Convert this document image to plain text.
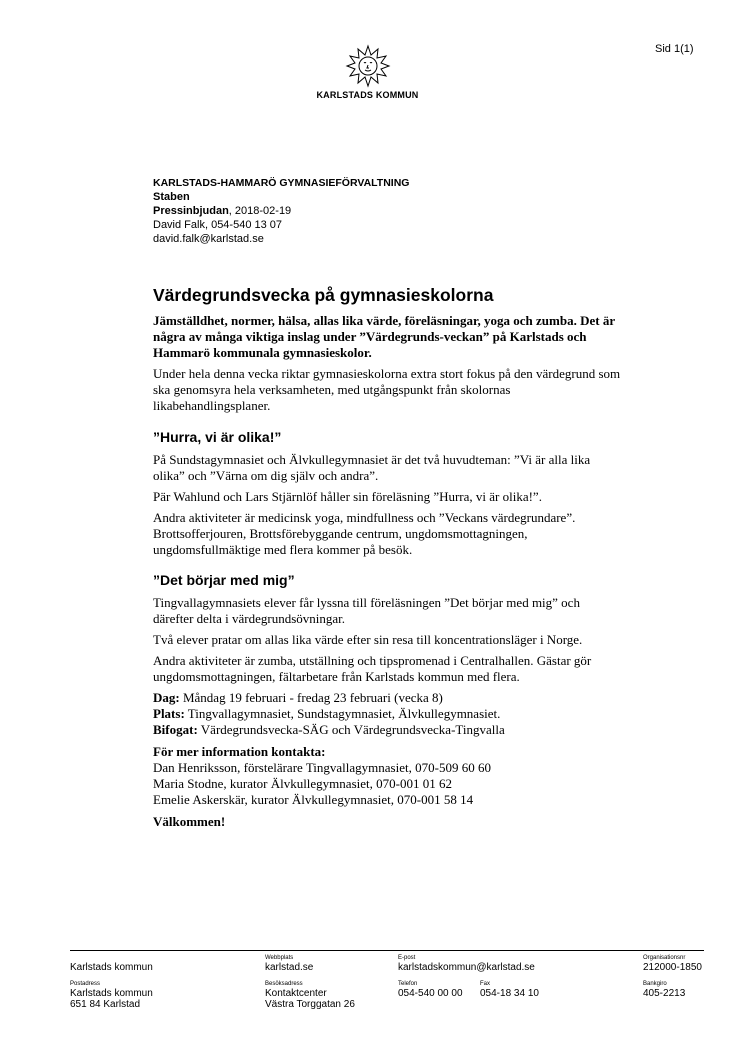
Sid 1(1)
KARLSTADS KOMMUN
KARLSTADS-HAMMARÖ GYMNASIEFÖRVALTNING
Staben
Pressinbjudan, 2018-02-19
David Falk, 054-540 13 07
david.falk@karlstad.se
Värdegrundsvecka på gymnasieskolorna
Jämställdhet, normer, hälsa, allas lika värde, föreläsningar, yoga och zumba. Det är några av många viktiga inslag under ”Värdegrunds-veckan” på Karlstads och Hammarö kommunala gymnasieskolor.
Under hela denna vecka riktar gymnasieskolorna extra stort fokus på den värdegrund som ska genomsyra hela verksamheten, med utgångspunkt från skolornas likabehandlingsplaner.
”Hurra, vi är olika!”
På Sundstagymnasiet och Älvkullegymnasiet är det två huvudteman: ”Vi är alla lika olika” och ”Värna om dig själv och andra”.
Pär Wahlund och Lars Stjärnlöf håller sin föreläsning ”Hurra, vi är olika!”.
Andra aktiviteter är medicinsk yoga, mindfullness och ”Veckans värdegrundare”. Brottsofferjouren, Brottsförebyggande centrum, ungdomsmottagningen, ungdomsfullmäktige med flera kommer på besök.
”Det börjar med mig”
Tingvallagymnasiets elever får lyssna till föreläsningen ”Det börjar med mig” och därefter delta i värdegrundsövningar.
Två elever pratar om allas lika värde efter sin resa till koncentrationsläger i Norge.
Andra aktiviteter är zumba, utställning och tipspromenad i Centralhallen. Gästar gör ungdomsmottagningen, fältarbetare från Karlstads kommun med flera.
Dag: Måndag 19 februari - fredag 23 februari (vecka 8)
Plats: Tingvallagymnasiet, Sundstagymnasiet, Älvkullegymnasiet.
Bifogat: Värdegrundsvecka-SÄG och Värdegrundsvecka-Tingvalla
För mer information kontakta:
Dan Henriksson, förstelärare Tingvallagymnasiet, 070-509 60 60
Maria Stodne, kurator Älvkullegymnasiet, 070-001 01 62
Emelie Askerskär, kurator Älvkullegymnasiet, 070-001 58 14
Välkommen!
Karlstads kommun
Webbplats
karlstad.se
E-post
karlstadskommun@karlstad.se
Organisationsnr
212000-1850
Postadress
Karlstads kommun
651 84 Karlstad
Besöksadress
Kontaktcenter
Västra Torggatan 26
Telefon
054-540 00 00
Fax
054-18 34 10
Bankgiro
405-2213
